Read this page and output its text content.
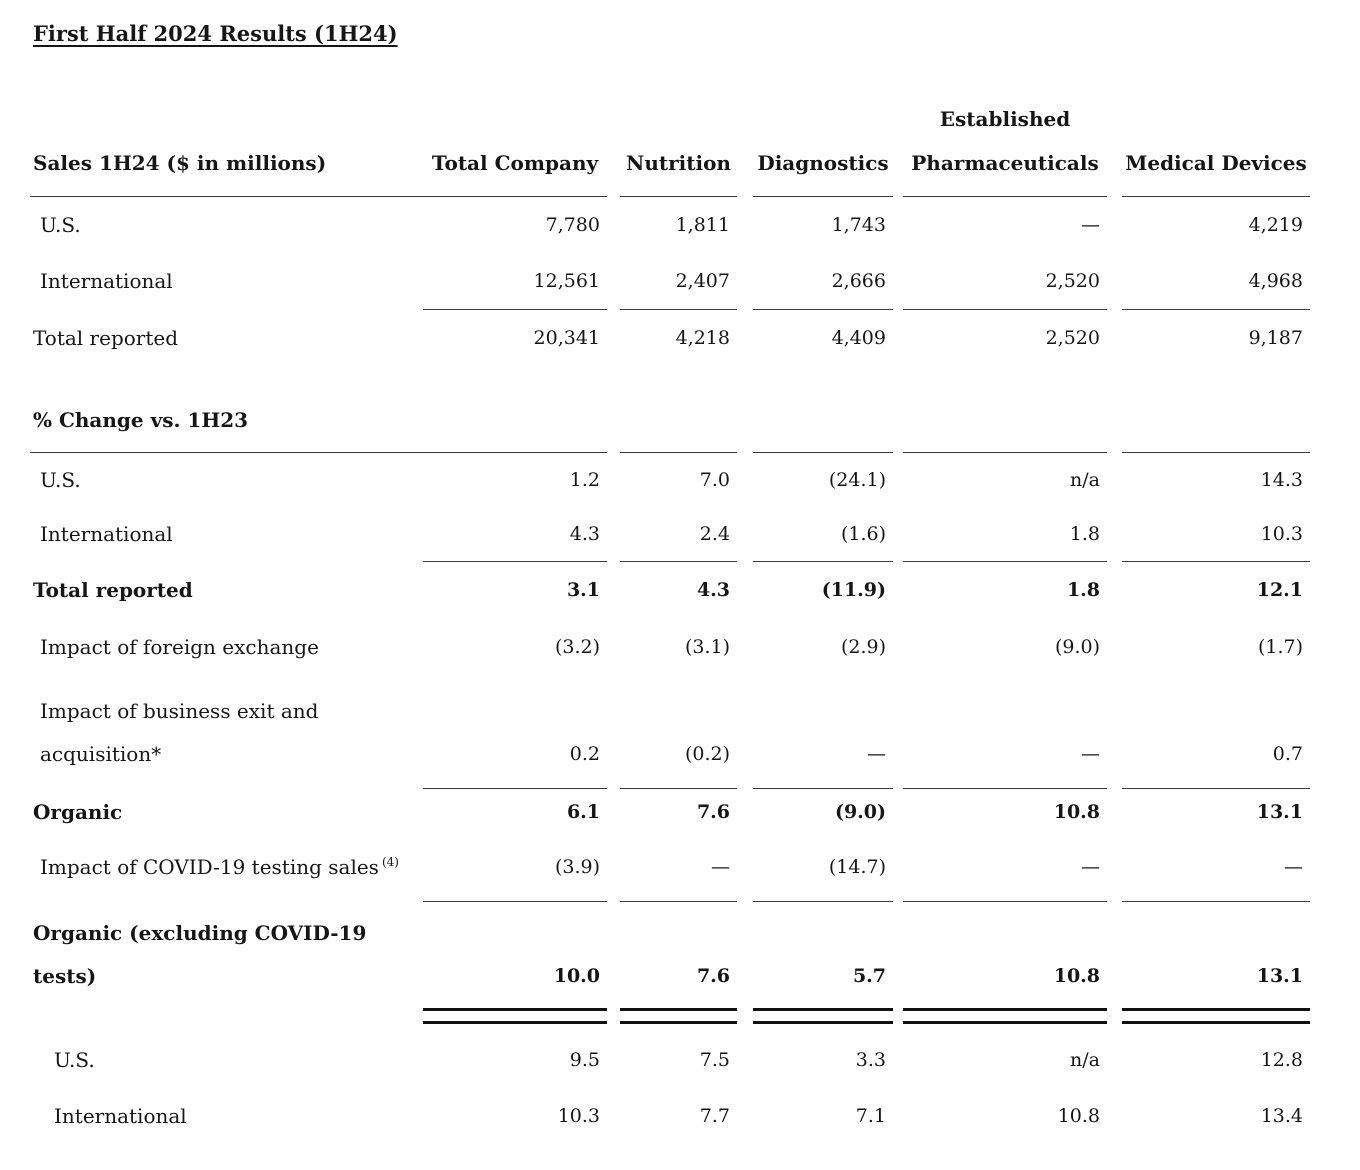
First Half 2024 Results (1H24)
Established
Sales 1H24 ($ in millions)	Total Company	Nutrition	Diagnostics	Pharmaceuticals	Medical Devices
U.S.	7,780	1,811	1,743	—	4,219
International	12,561	2,407	2,666	2,520	4,968
Total reported	20,341	4,218	4,409	2,520	9,187
% Change vs. 1H23
U.S.	1.2	7.0	(24.1)	n/a	14.3
International	4.3	2.4	(1.6)	1.8	10.3
Total reported	3.1	4.3	(11.9)	1.8	12.1
Impact of foreign exchange	(3.2)	(3.1)	(2.9)	(9.0)	(1.7)
Impact of business exit and
acquisition*	0.2	(0.2)	—	—	0.7
Organic	6.1	7.6	(9.0)	10.8	13.1
Impact of COVID-19 testing sales $^{(4)}$	(3.9)	—	(14.7)	—	—
Organic (excluding COVID-19
tests)	10.0	7.6	5.7	10.8	13.1
U.S.	9.5	7.5	3.3	n/a	12.8
International	10.3	7.7	7.1	10.8	13.4
